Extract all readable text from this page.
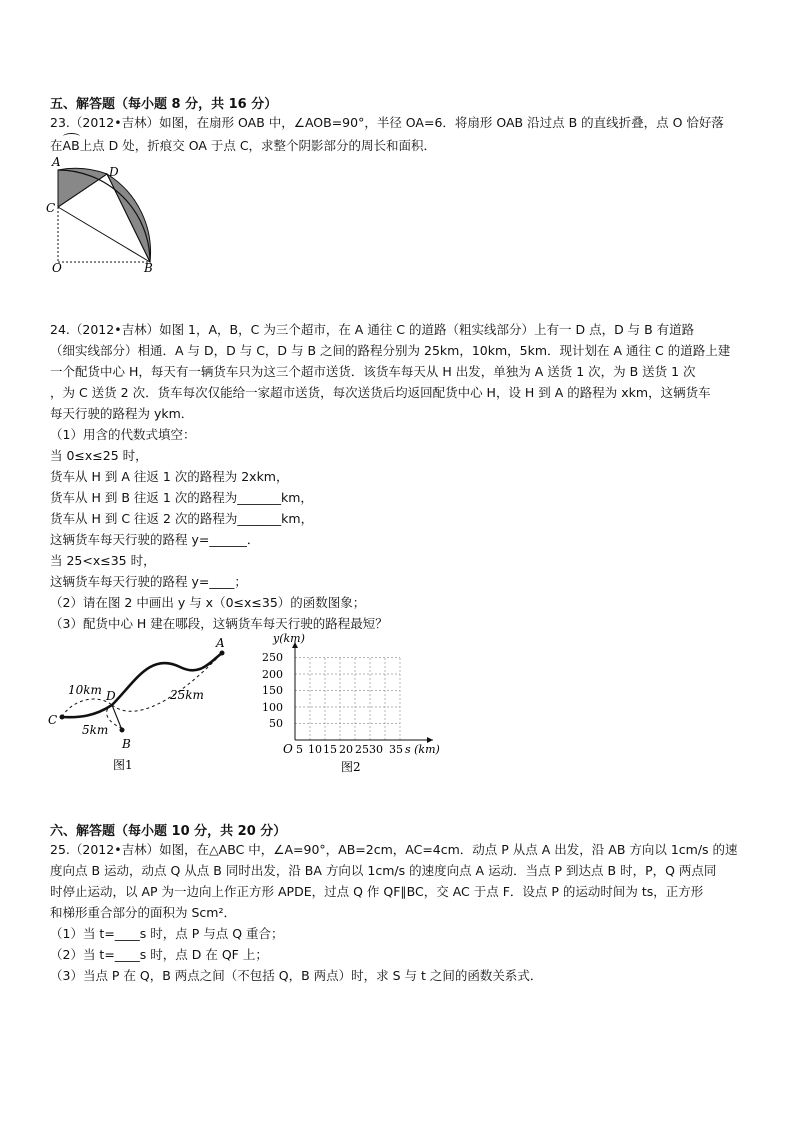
五、解答题（每小题 8 分，共 16 分）
23.（2012•吉林）如图，在扇形 OAB 中，∠AOB=90°，半径 OA=6．将扇形 OAB 沿过点 B 的直线折叠，点 O 恰好落
在AB上点 D 处，折痕交 OA 于点 C，求整个阴影部分的周长和面积．
A
D
C
O	B
24.（2012•吉林）如图 1，A，B，C 为三个超市，在 A 通往 C 的道路（粗实线部分）上有一 D 点，D 与 B 有道路
（细实线部分）相通．A 与 D，D 与 C，D 与 B 之间的路程分别为 25km，10km，5km．现计划在 A 通往 C 的道路上建
一个配货中心 H，每天有一辆货车只为这三个超市送货．该货车每天从 H 出发，单独为 A 送货 1 次，为 B 送货 1 次
，为 C 送货 2 次．货车每次仅能给一家超市送货，每次送货后均返回配货中心 H，设 H 到 A 的路程为 xkm，这辆货车
每天行驶的路程为 ykm．
（1）用含的代数式填空：
当 0≤x≤25 时，
货车从 H 到 A 往返 1 次的路程为 2xkm，
货车从 H 到 B 往返 1 次的路程为_______km，
货车从 H 到 C 往返 2 次的路程为_______km，
这辆货车每天行驶的路程 y=______．
当 25<x≤35 时，
这辆货车每天行驶的路程 y=____；
（2）请在图 2 中画出 y 与 x（0≤x≤35）的函数图象；
（3）配货中心 H 建在哪段，这辆货车每天行驶的路程最短？
10km	25km
5km
A
C
D
B
图1
y(km)
s (km)
O
250
200
150
100
50
5 10 15 20 2530 35
图2
六、解答题（每小题 10 分，共 20 分）
25.（2012•吉林）如图，在△ABC 中，∠A=90°，AB=2cm，AC=4cm．动点 P 从点 A 出发，沿 AB 方向以 1cm/s 的速
度向点 B 运动，动点 Q 从点 B 同时出发，沿 BA 方向以 1cm/s 的速度向点 A 运动．当点 P 到达点 B 时，P，Q 两点同
时停止运动，以 AP 为一边向上作正方形 APDE，过点 Q 作 QF∥BC，交 AC 于点 F．设点 P 的运动时间为 ts，正方形
和梯形重合部分的面积为 Scm²．
（1）当 t=____s 时，点 P 与点 Q 重合；
（2）当 t=____s 时，点 D 在 QF 上；
（3）当点 P 在 Q，B 两点之间（不包括 Q，B 两点）时，求 S 与 t 之间的函数关系式．
